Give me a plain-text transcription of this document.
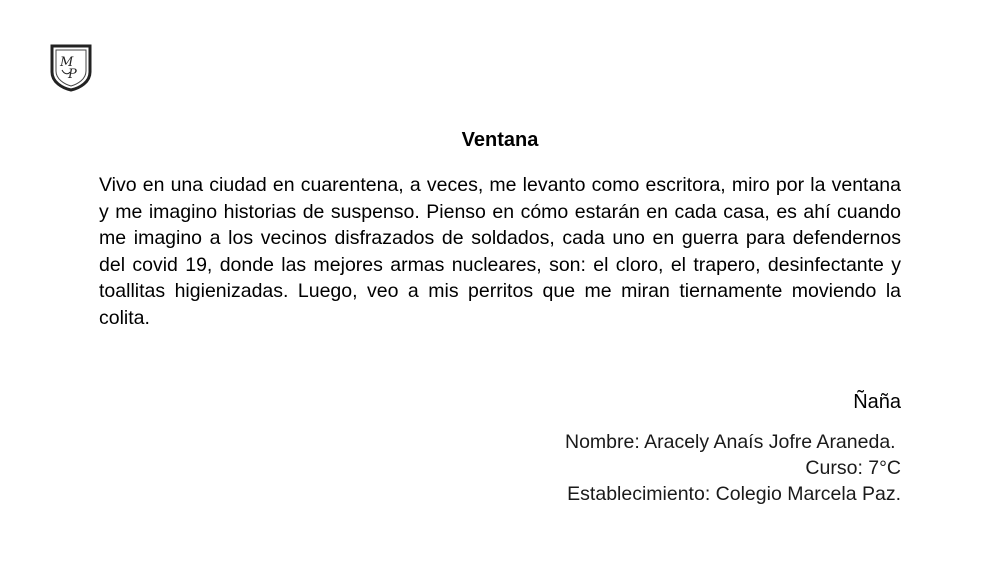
M
P
Ventana

Vivo en una ciudad en cuarentena, a veces, me levanto como escritora, miro por la ventana y me imagino historias de suspenso. Pienso en cómo estarán en cada casa, es ahí cuando me imagino a los vecinos disfrazados de soldados, cada uno en guerra para defendernos del covid 19, donde las mejores armas nucleares, son: el cloro, el trapero, desinfectante y toallitas higienizadas. Luego, veo a mis perritos que me miran tiernamente moviendo la colita.

Ñaña
Nombre: Aracely Anaís Jofre Araneda.
Curso: 7°C
Establecimiento: Colegio Marcela Paz.
